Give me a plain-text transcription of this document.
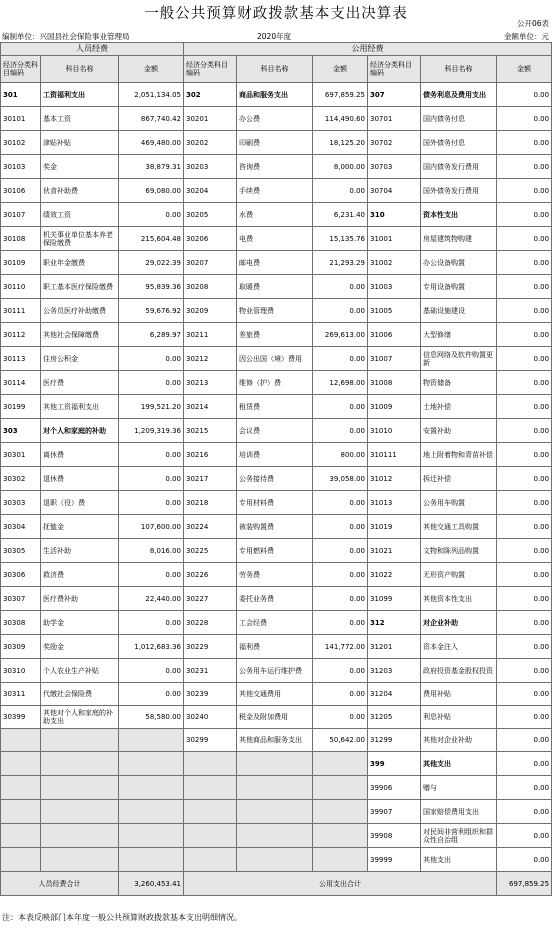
一般公共预算财政拨款基本支出决算表
公开06表
编制单位：兴国县社会保险事业管理局	2020年度	金额单位：元
人员经费			公用经费					
经济分类科目编码	科目名称	金额	经济分类科目编码	科目名称	金额	经济分类科目编码	科目名称	金额
301	工资福利支出	2,051,134.05	302	商品和服务支出	697,859.25	307	债务利息及费用支出	0.00
30101	基本工资	867,740.42	30201	办公费	114,490.60	30701	国内债务付息	0.00
30102	津贴补贴	469,480.00	30202	印刷费	18,125.20	30702	国外债务付息	0.00
30103	奖金	38,879.31	30203	咨询费	8,000.00	30703	国内债务发行费用	0.00
30106	伙食补助费	69,080.00	30204	手续费	0.00	30704	国外债务发行费用	0.00
30107	绩效工资	0.00	30205	水费	6,231.40	310	资本性支出	0.00
30108	机关事业单位基本养老保险缴费	215,604.48	30206	电费	15,135.76	31001	房屋建筑物购建	0.00
30109	职业年金缴费	29,022.39	30207	邮电费	21,293.29	31002	办公设备购置	0.00
30110	职工基本医疗保险缴费	95,839.36	30208	取暖费	0.00	31003	专用设备购置	0.00
30111	公务员医疗补助缴费	59,676.92	30209	物业管理费	0.00	31005	基础设施建设	0.00
30112	其他社会保障缴费	6,289.97	30211	差旅费	269,613.00	31006	大型修缮	0.00
30113	住房公积金	0.00	30212	因公出国（境）费用	0.00	31007	信息网络及软件购置更新	0.00
30114	医疗费	0.00	30213	维修（护）费	12,698.00	31008	物资储备	0.00
30199	其他工资福利支出	199,521.20	30214	租赁费	0.00	31009	土地补偿	0.00
303	对个人和家庭的补助	1,209,319.36	30215	会议费	0.00	31010	安置补助	0.00
30301	离休费	0.00	30216	培训费	800.00	310111	地上附着物和青苗补偿	0.00
30302	退休费	0.00	30217	公务接待费	39,058.00	31012	拆迁补偿	0.00
30303	退职（役）费	0.00	30218	专用材料费	0.00	31013	公务用车购置	0.00
30304	抚恤金	107,600.00	30224	被装购置费	0.00	31019	其他交通工具购置	0.00
30305	生活补助	8,016.00	30225	专用燃料费	0.00	31021	文物和陈列品购置	0.00
30306	救济费	0.00	30226	劳务费	0.00	31022	无形资产购置	0.00
30307	医疗费补助	22,440.00	30227	委托业务费	0.00	31099	其他资本性支出	0.00
30308	助学金	0.00	30228	工会经费	0.00	312	对企业补助	0.00
30309	奖励金	1,012,683.36	30229	福利费	141,772.00	31201	资本金注入	0.00
30310	个人农业生产补贴	0.00	30231	公务用车运行维护费	0.00	31203	政府投资基金股权投资	0.00
30311	代缴社会保险费	0.00	30239	其他交通费用	0.00	31204	费用补贴	0.00
30399	其他对个人和家庭的补助支出	58,580.00	30240	税金及附加费用	0.00	31205	利息补贴	0.00
			30299	其他商品和服务支出	50,642.00	31299	其他对企业补助	0.00
						399	其他支出	0.00
						39906	赠与	0.00
						39907	国家赔偿费用支出	0.00
						39908	对民间非营利组织和群众性自治组	0.00
						39999	其他支出	0.00
人员经费合计		3,260,453.41	公用支出合计					697,859.25
注：本表反映部门本年度一般公共预算财政拨款基本支出明细情况。
